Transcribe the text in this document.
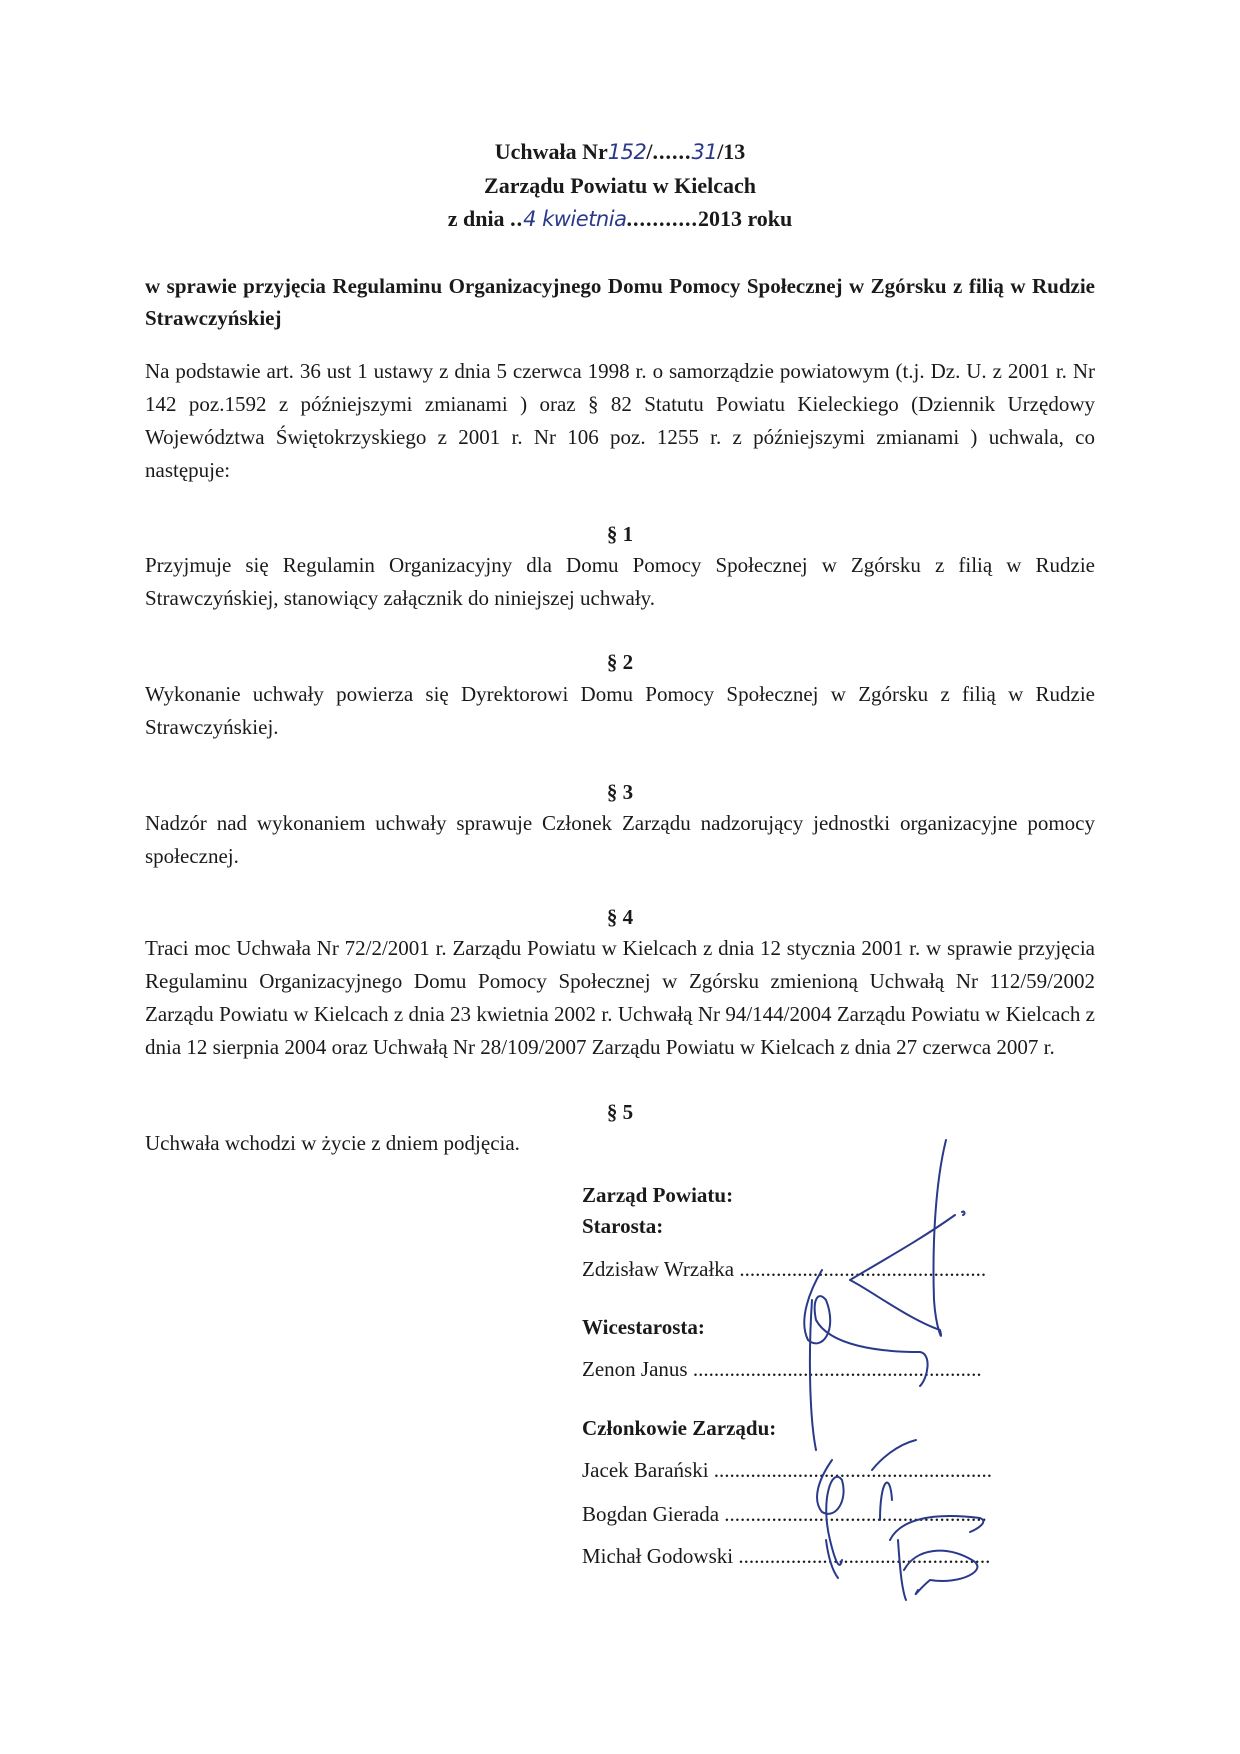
Uchwała Nr152/......31/13
Zarządu Powiatu w Kielcach
z dnia ..4 kwietnia...........2013 roku
w sprawie przyjęcia Regulaminu Organizacyjnego Domu Pomocy Społecznej w Zgórsku z filią w Rudzie Strawczyńskiej
Na podstawie art. 36 ust 1 ustawy z dnia 5 czerwca 1998 r. o samorządzie powiatowym (t.j. Dz. U. z 2001 r. Nr 142 poz.1592 z późniejszymi zmianami ) oraz § 82 Statutu Powiatu Kieleckiego (Dziennik Urzędowy Województwa Świętokrzyskiego z 2001 r. Nr 106 poz. 1255 r. z późniejszymi zmianami ) uchwala, co następuje:
§ 1
Przyjmuje się Regulamin Organizacyjny dla Domu Pomocy Społecznej w Zgórsku z filią w Rudzie Strawczyńskiej, stanowiący załącznik do niniejszej uchwały.
§ 2
Wykonanie uchwały powierza się Dyrektorowi Domu Pomocy Społecznej w Zgórsku z filią w Rudzie Strawczyńskiej.
§ 3
Nadzór nad wykonaniem uchwały sprawuje Członek Zarządu nadzorujący jednostki organizacyjne pomocy społecznej.
§ 4
Traci moc Uchwała Nr 72/2/2001 r. Zarządu Powiatu w Kielcach z dnia 12 stycznia 2001 r. w sprawie przyjęcia Regulaminu Organizacyjnego Domu Pomocy Społecznej w Zgórsku zmienioną Uchwałą Nr 112/59/2002 Zarządu Powiatu w Kielcach z dnia 23 kwietnia 2002 r. Uchwałą Nr 94/144/2004 Zarządu Powiatu w Kielcach z dnia 12 sierpnia 2004 oraz Uchwałą Nr 28/109/2007 Zarządu Powiatu w Kielcach z dnia 27 czerwca 2007 r.
§ 5
Uchwała wchodzi w życie z dniem podjęcia.
Zarząd Powiatu:
Starosta:
Zdzisław Wrzałka ...............................................
Wicestarosta:
Zenon Janus .......................................................
Członkowie Zarządu:
Jacek Barański .....................................................
Bogdan Gierada ..................................................
Michał Godowski ................................................
